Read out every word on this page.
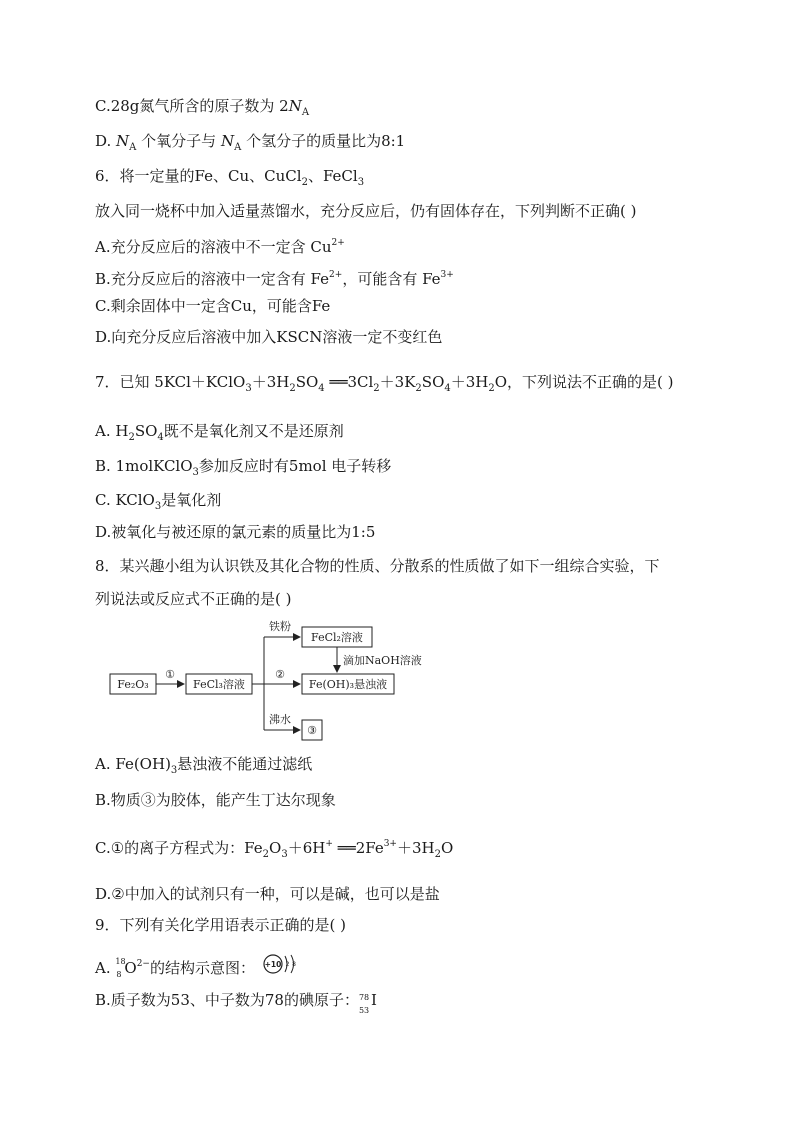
C.28g氮气所含的原子数为 $2N_A$
D. $N_A$ 个氧分子与 $N_A$ 个氢分子的质量比为8:1
6．将一定量的Fe、Cu、CuCl$_2$、FeCl$_3$
放入同一烧杯中加入适量蒸馏水，充分反应后，仍有固体存在，下列判断不正确( )
A.充分反应后的溶液中不一定含 $Cu^{2+}$
B.充分反应后的溶液中一定含有 $Fe^{2+}$，可能含有 $Fe^{3+}$
C.剩余固体中一定含Cu，可能含Fe
D.向充分反应后溶液中加入KSCN溶液一定不变红色
7．已知 $5KCl+KClO_3+3H_2SO_4$ $══3Cl_2+3K_2SO_4+3H_2O$，下列说法不正确的是( )
A. $H_2SO_4$既不是氧化剂又不是还原剂
B. 1molKClO$_3$参加反应时有5mol 电子转移
C. KClO$_3$是氧化剂
D.被氧化与被还原的氯元素的质量比为1:5
8．某兴趣小组为认识铁及其化合物的性质、分散系的性质做了如下一组综合实验，下
列说法或反应式不正确的是( )
Fe₂O₃
①
FeCl₃溶液
铁粉
FeCl₂溶液
滴加NaOH溶液
②
Fe(OH)₃悬浊液
沸水
③
A. $Fe(OH)_3$悬浊液不能通过滤纸
B.物质③为胶体，能产生丁达尔现象
C.①的离子方程式为：$Fe_2O_3+6H^+$ $══2Fe^{3+}+3H_2O$
D.②中加入的试剂只有一种，可以是碱，也可以是盐
9．下列有关化学用语表示正确的是( )
A. 18
8 $O^{2-}$的结构示意图： +10 2 8
B.质子数为53、中子数为78的碘原子： 78
53
I
